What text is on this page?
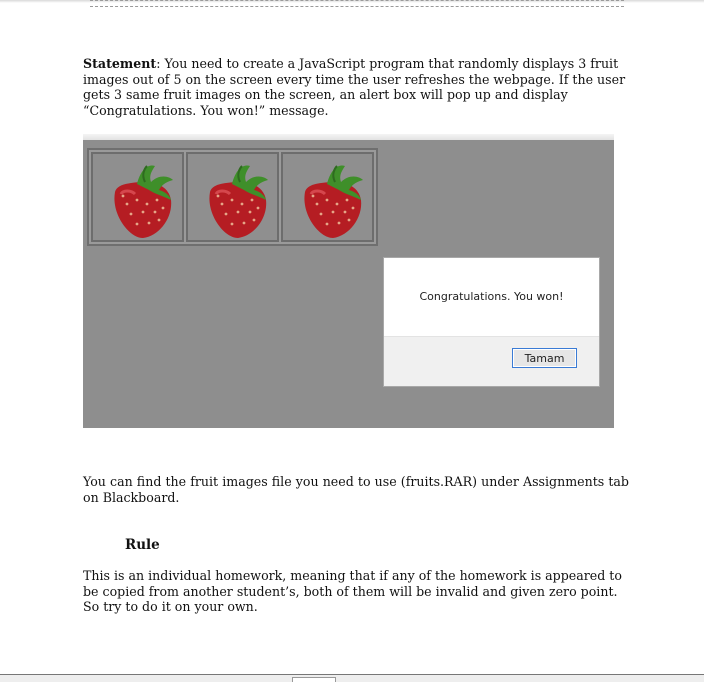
Statement: You need to create a JavaScript program that randomly displays 3 fruit images out of 5 on the screen every time the user refreshes the webpage. If the user gets 3 same fruit images on the screen, an alert box will pop up and display “Congratulations. You won!” message.

Congratulations. You won!
Tamam

You can find the fruit images file you need to use (fruits.RAR) under Assignments tab on Blackboard.

Rule

This is an individual homework, meaning that if any of the homework is appeared to be copied from another student’s, both of them will be invalid and given zero point. So try to do it on your own.
